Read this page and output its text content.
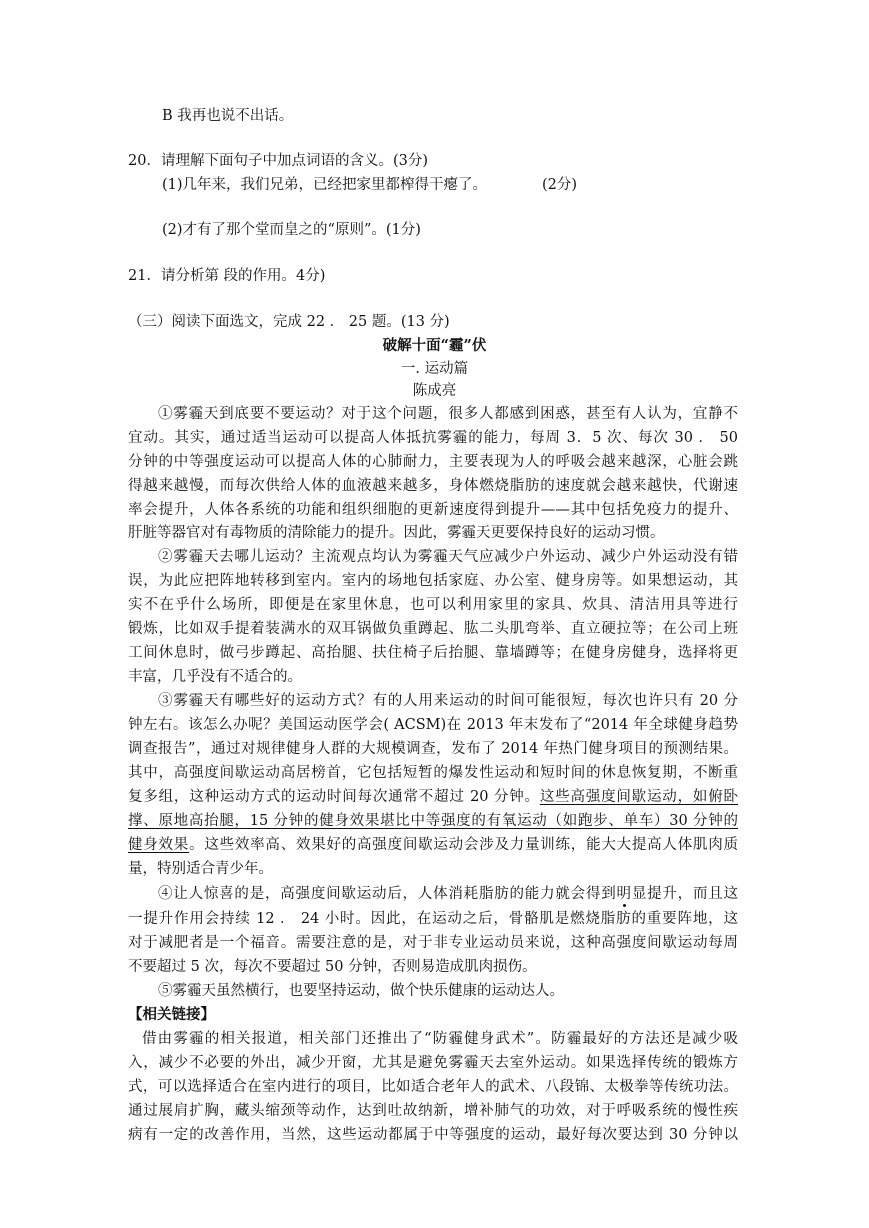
B 我再也说不出话。
20．请理解下面句子中加点词语的含义。(3分)
(1)几年来，我们兄弟，已经把家里都榨得干瘪了。	(2分)
(2)才有了那个堂而皇之的“原则”。(1分)
21．请分析第 段的作用。4分)
（三）阅读下面选文，完成 22 ． 25 题。(13 分)
破解十面“霾”伏
一. 运动篇
陈成亮
①雾霾天到底要不要运动？对于这个问题，很多人都感到困惑，甚至有人认为，宜静不
宜动。其实，通过适当运动可以提高人体抵抗雾霾的能力，每周 3．5 次、每次 30 ． 50
分钟的中等强度运动可以提高人体的心肺耐力，主要表现为人的呼吸会越来越深，心脏会跳
得越来越慢，而每次供给人体的血液越来越多，身体燃烧脂肪的速度就会越来越快，代谢速
率会提升，人体各系统的功能和组织细胞的更新速度得到提升——其中包括免疫力的提升、
肝脏等器官对有毒物质的清除能力的提升。因此，雾霾天更要保持良好的运动习惯。
②雾霾天去哪儿运动？主流观点均认为雾霾天气应减少户外运动、减少户外运动没有错
误，为此应把阵地转移到室内。室内的场地包括家庭、办公室、健身房等。如果想运动，其
实不在乎什么场所，即便是在家里休息，也可以利用家里的家具、炊具、清洁用具等进行
锻炼，比如双手提着装满水的双耳锅做负重蹲起、肱二头肌弯举、直立硬拉等；在公司上班
工间休息时，做弓步蹲起、高抬腿、扶住椅子后抬腿、靠墙蹲等；在健身房健身，选择将更
丰富，几乎没有不适合的。
③雾霾天有哪些好的运动方式？有的人用来运动的时间可能很短，每次也许只有 20 分
钟左右。该怎么办呢？美国运动医学会( ACSM)在 2013 年末发布了“2014 年全球健身趋势
调查报告”，通过对规律健身人群的大规模调查，发布了 2014 年热门健身项目的预测结果。
其中，高强度间歇运动高居榜首，它包括短暂的爆发性运动和短时间的休息恢复期，不断重
复多组，这种运动方式的运动时间每次通常不超过 20 分钟。这些高强度间歇运动，如俯卧
撑、原地高抬腿，15 分钟的健身效果堪比中等强度的有氧运动（如跑步、单车）30 分钟的
健身效果。这些效率高、效果好的高强度间歇运动会涉及力量训练，能大大提高人体肌肉质
量，特别适合青少年。
④让人惊喜的是，高强度间歇运动后，人体消耗脂肪的能力就会得到明显提升，而且这
一提升作用会持续 12 ． 24 小时。因此，在运动之后，骨骼肌是燃烧脂肪的重要阵地，这
对于减肥者是一个福音。需要注意的是，对于非专业运动员来说，这种高强度间歇运动每周
不要超过 5 次，每次不要超过 50 分钟，否则易造成肌肉损伤。
⑤雾霾天虽然横行，也要坚持运动，做个快乐健康的运动达人。
【相关链接】
借由雾霾的相关报道，相关部门还推出了“防霾健身武术”。防霾最好的方法还是减少吸
入，减少不必要的外出，减少开窗，尤其是避免雾霾天去室外运动。如果选择传统的锻炼方
式，可以选择适合在室内进行的项目，比如适合老年人的武术、八段锦、太极拳等传统功法。
通过展肩扩胸，藏头缩颈等动作，达到吐故纳新，增补肺气的功效，对于呼吸系统的慢性疾
病有一定的改善作用，当然，这些运动都属于中等强度的运动，最好每次要达到 30 分钟以
